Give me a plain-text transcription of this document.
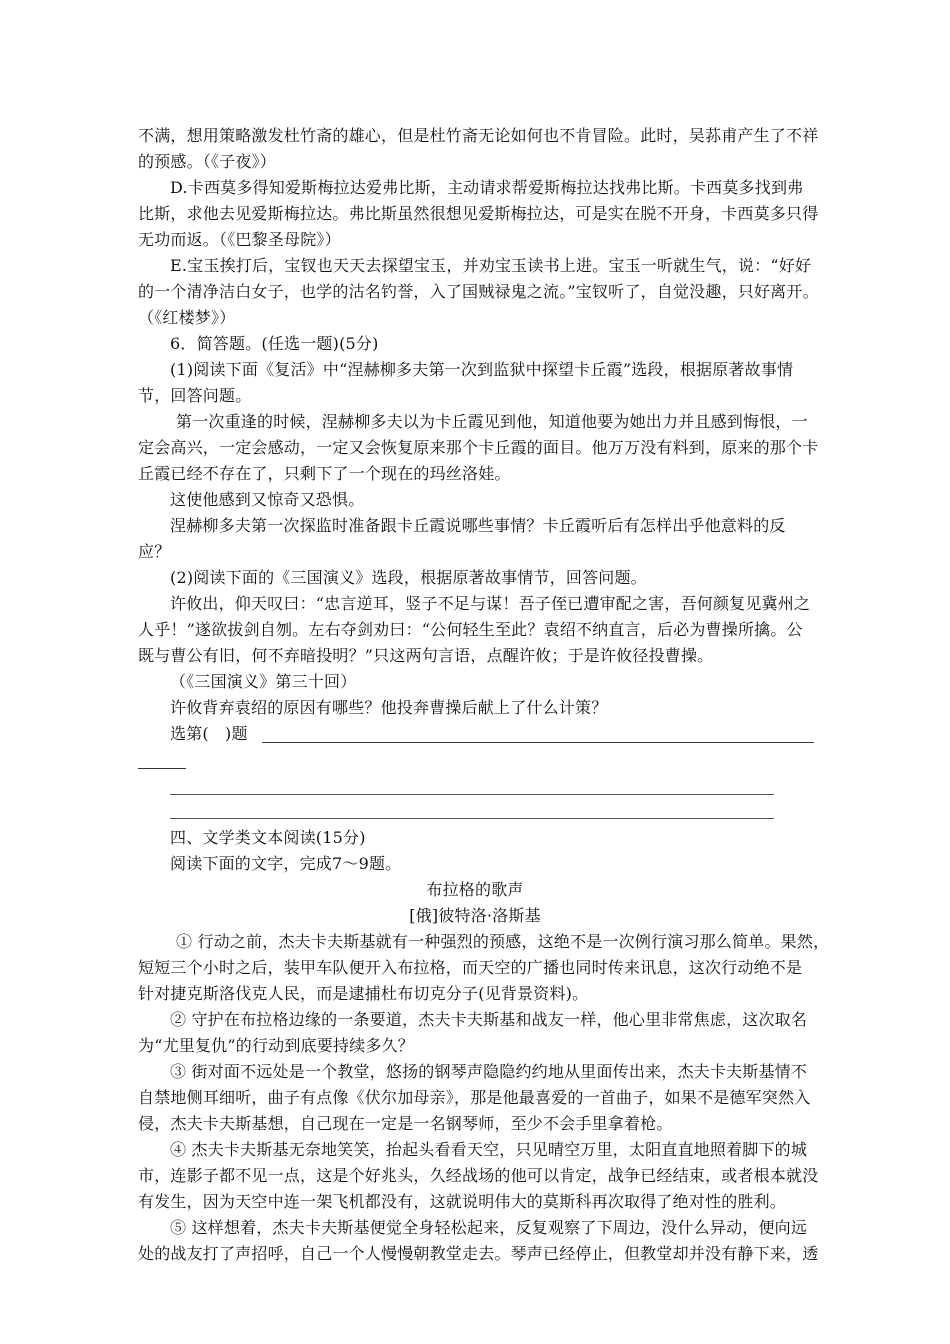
不满，想用策略激发杜竹斋的雄心，但是杜竹斋无论如何也不肯冒险。此时，吴荪甫产生了不祥
的预感。（《子夜》）
D.卡西莫多得知爱斯梅拉达爱弗比斯，主动请求帮爱斯梅拉达找弗比斯。卡西莫多找到弗
比斯，求他去见爱斯梅拉达。弗比斯虽然很想见爱斯梅拉达，可是实在脱不开身，卡西莫多只得
无功而返。（《巴黎圣母院》）
E.宝玉挨打后，宝钗也天天去探望宝玉，并劝宝玉读书上进。宝玉一听就生气，说：“好好
的一个清净洁白女子，也学的沽名钓誉，入了国贼禄鬼之流。”宝钗听了，自觉没趣，只好离开。
（《红楼梦》）
6．简答题。(任选一题)(5分)
(1)阅读下面《复活》中“涅赫柳多夫第一次到监狱中探望卡丘霞”选段，根据原著故事情
节，回答问题。
第一次重逢的时候，涅赫柳多夫以为卡丘霞见到他，知道他要为她出力并且感到悔恨，一
定会高兴，一定会感动，一定又会恢复原来那个卡丘霞的面目。他万万没有料到，原来的那个卡
丘霞已经不存在了，只剩下了一个现在的玛丝洛娃。
这使他感到又惊奇又恐惧。
涅赫柳多夫第一次探监时准备跟卡丘霞说哪些事情？卡丘霞听后有怎样出乎他意料的反
应？
(2)阅读下面的《三国演义》选段，根据原著故事情节，回答问题。
许攸出，仰天叹曰：“忠言逆耳，竖子不足与谋！吾子侄已遭审配之害，吾何颜复见冀州之
人乎！”遂欲拔剑自刎。左右夺剑劝曰：“公何轻生至此？袁绍不纳直言，后必为曹操所擒。公
既与曹公有旧，何不弃暗投明？”只这两句言语，点醒许攸；于是许攸径投曹操。
（《三国演义》第三十回）
许攸背弃袁绍的原因有哪些？他投奔曹操后献上了什么计策？
选第(　)题
四、文学类文本阅读(15分)
阅读下面的文字，完成7～9题。
布拉格的歌声
[俄]彼特洛·洛斯基
① 行动之前，杰夫卡夫斯基就有一种强烈的预感，这绝不是一次例行演习那么简单。果然，
短短三个小时之后，装甲车队便开入布拉格，而天空的广播也同时传来讯息，这次行动绝不是
针对捷克斯洛伐克人民，而是逮捕杜布切克分子(见背景资料)。
② 守护在布拉格边缘的一条要道，杰夫卡夫斯基和战友一样，他心里非常焦虑，这次取名
为“尤里复仇”的行动到底要持续多久？
③ 街对面不远处是一个教堂，悠扬的钢琴声隐隐约约地从里面传出来，杰夫卡夫斯基情不
自禁地侧耳细听，曲子有点像《伏尔加母亲》，那是他最喜爱的一首曲子，如果不是德军突然入
侵，杰夫卡夫斯基想，自己现在一定是一名钢琴师，至少不会手里拿着枪。
④ 杰夫卡夫斯基无奈地笑笑，抬起头看看天空，只见晴空万里，太阳直直地照着脚下的城
市，连影子都不见一点，这是个好兆头，久经战场的他可以肯定，战争已经结束，或者根本就没
有发生，因为天空中连一架飞机都没有，这就说明伟大的莫斯科再次取得了绝对性的胜利。
⑤ 这样想着，杰夫卡夫斯基便觉全身轻松起来，反复观察了下周边，没什么异动，便向远
处的战友打了声招呼，自己一个人慢慢朝教堂走去。琴声已经停止，但教堂却并没有静下来，透
